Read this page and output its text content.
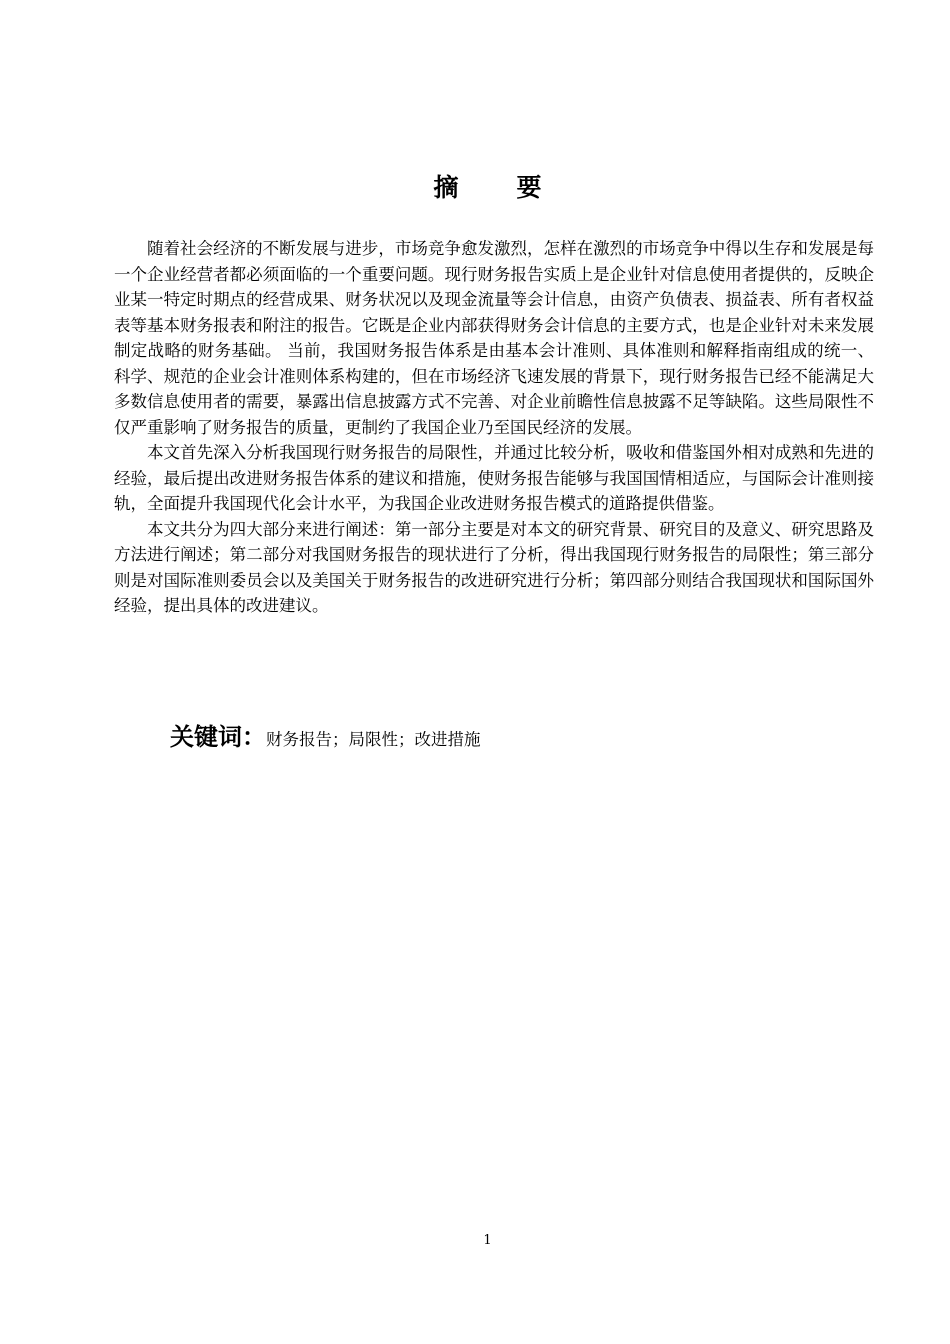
摘 要

随着社会经济的不断发展与进步，市场竞争愈发激烈，怎样在激烈的市场竞争中得以生存和发展是每一个企业经营者都必须面临的一个重要问题。现行财务报告实质上是企业针对信息使用者提供的，反映企业某一特定时期点的经营成果、财务状况以及现金流量等会计信息，由资产负债表、损益表、所有者权益表等基本财务报表和附注的报告。它既是企业内部获得财务会计信息的主要方式，也是企业针对未来发展制定战略的财务基础。 当前，我国财务报告体系是由基本会计准则、具体准则和解释指南组成的统一、科学、规范的企业会计准则体系构建的，但在市场经济飞速发展的背景下，现行财务报告已经不能满足大多数信息使用者的需要，暴露出信息披露方式不完善、对企业前瞻性信息披露不足等缺陷。这些局限性不仅严重影响了财务报告的质量，更制约了我国企业乃至国民经济的发展。

本文首先深入分析我国现行财务报告的局限性，并通过比较分析，吸收和借鉴国外相对成熟和先进的经验，最后提出改进财务报告体系的建议和措施，使财务报告能够与我国国情相适应，与国际会计准则接轨，全面提升我国现代化会计水平，为我国企业改进财务报告模式的道路提供借鉴。

本文共分为四大部分来进行阐述：第一部分主要是对本文的研究背景、研究目的及意义、研究思路及方法进行阐述；第二部分对我国财务报告的现状进行了分析，得出我国现行财务报告的局限性；第三部分则是对国际准则委员会以及美国关于财务报告的改进研究进行分析；第四部分则结合我国现状和国际国外经验，提出具体的改进建议。

关键词：财务报告；局限性；改进措施
1
